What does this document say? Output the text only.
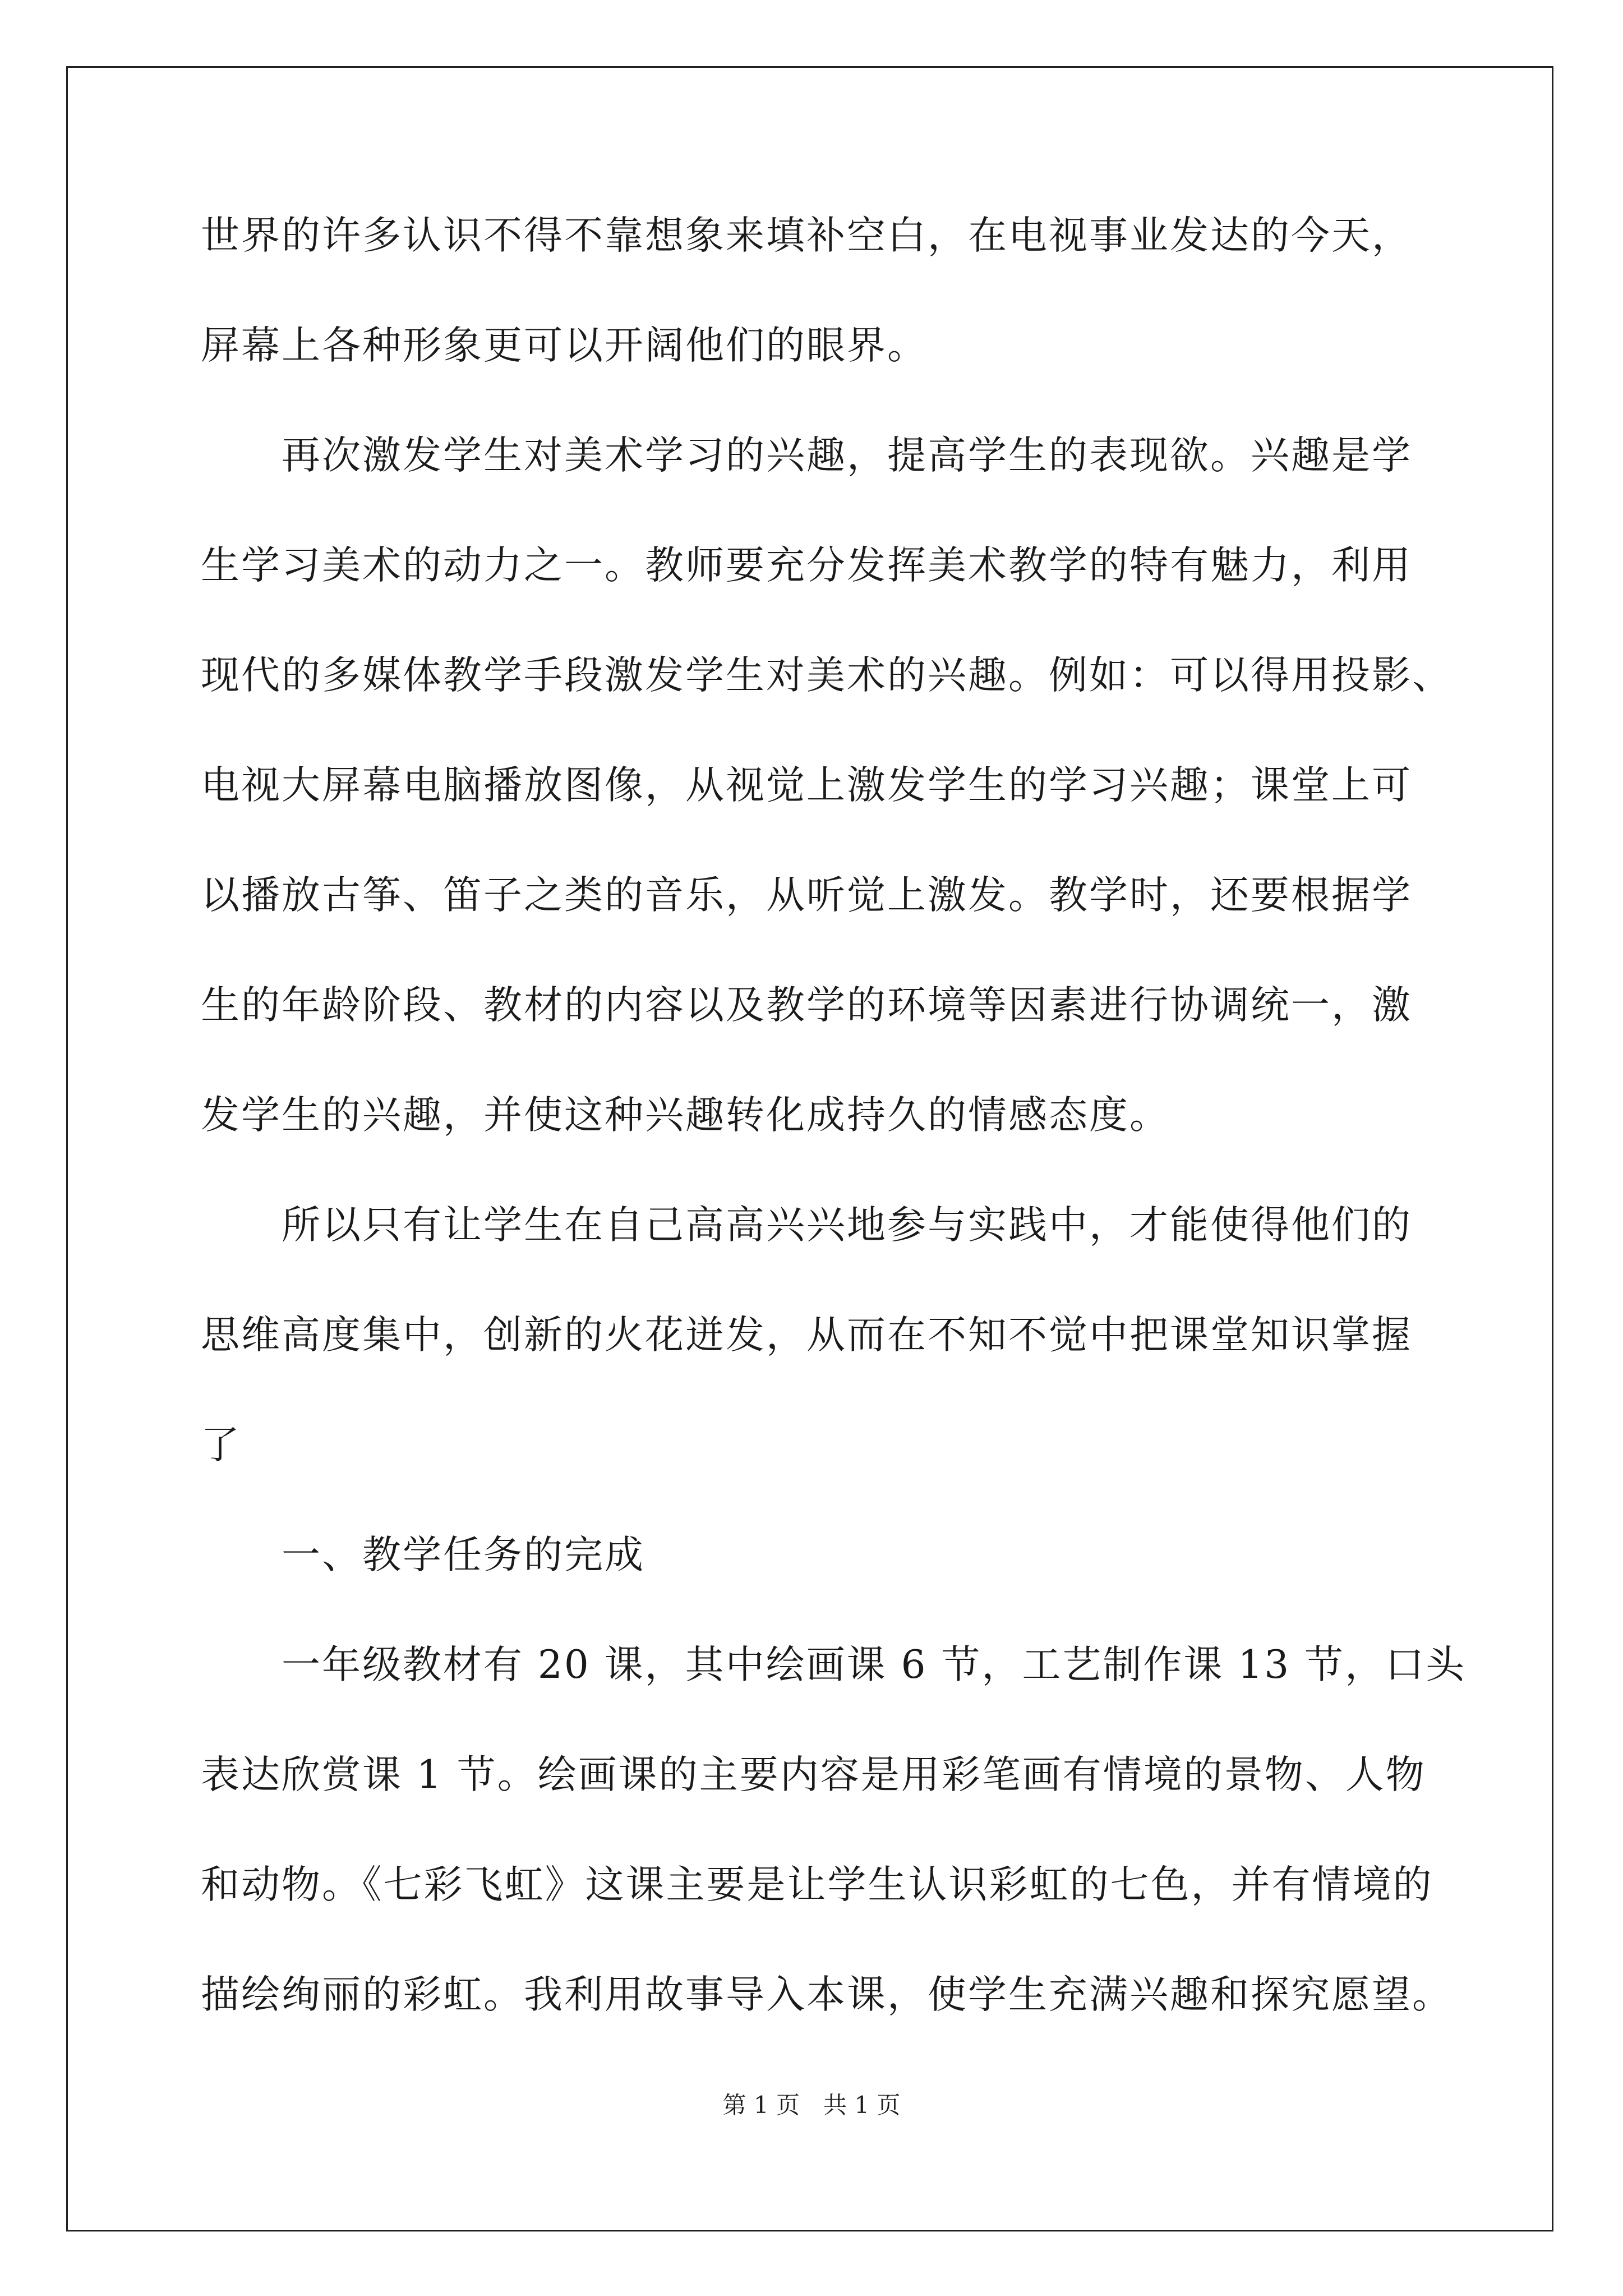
世界的许多认识不得不靠想象来填补空白，在电视事业发达的今天，
屏幕上各种形象更可以开阔他们的眼界。
　　再次激发学生对美术学习的兴趣，提高学生的表现欲。兴趣是学
生学习美术的动力之一。教师要充分发挥美术教学的特有魅力，利用
现代的多媒体教学手段激发学生对美术的兴趣。例如：可以得用投影、
电视大屏幕电脑播放图像，从视觉上激发学生的学习兴趣；课堂上可
以播放古筝、笛子之类的音乐，从听觉上激发。教学时，还要根据学
生的年龄阶段、教材的内容以及教学的环境等因素进行协调统一，激
发学生的兴趣，并使这种兴趣转化成持久的情感态度。
　　所以只有让学生在自己高高兴兴地参与实践中，才能使得他们的
思维高度集中，创新的火花迸发，从而在不知不觉中把课堂知识掌握
了
　　一、教学任务的完成
　　一年级教材有 20 课，其中绘画课 6 节，工艺制作课 13 节，口头
表达欣赏课 1 节。绘画课的主要内容是用彩笔画有情境的景物、人物
和动物。《七彩飞虹》这课主要是让学生认识彩虹的七色，并有情境的
描绘绚丽的彩虹。我利用故事导入本课，使学生充满兴趣和探究愿望。
第 1 页　共 1 页
